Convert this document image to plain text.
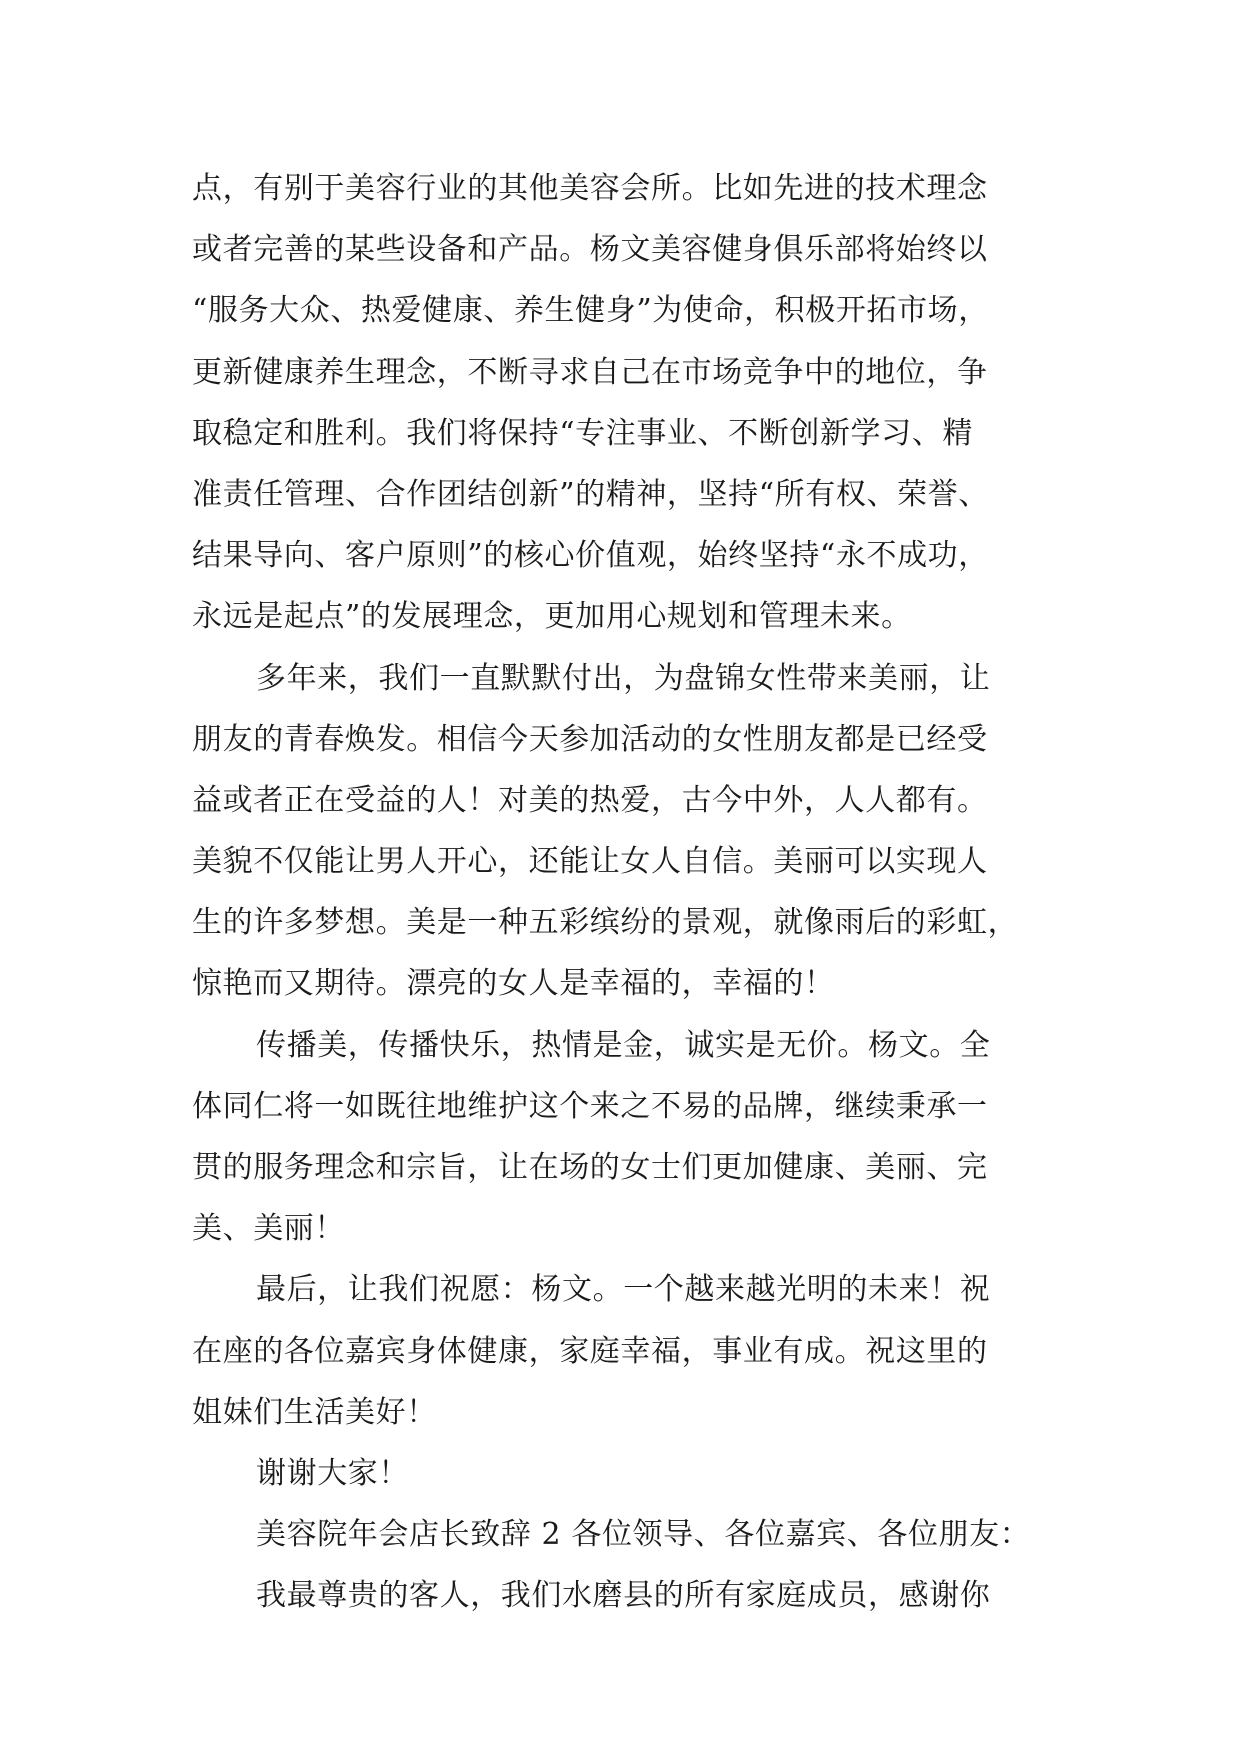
点，有别于美容行业的其他美容会所。比如先进的技术理念
或者完善的某些设备和产品。杨文美容健身俱乐部将始终以
“服务大众、热爱健康、养生健身”为使命，积极开拓市场，
更新健康养生理念，不断寻求自己在市场竞争中的地位，争
取稳定和胜利。我们将保持“专注事业、不断创新学习、精
准责任管理、合作团结创新”的精神，坚持“所有权、荣誉、
结果导向、客户原则”的核心价值观，始终坚持“永不成功，
永远是起点”的发展理念，更加用心规划和管理未来。
多年来，我们一直默默付出，为盘锦女性带来美丽，让
朋友的青春焕发。相信今天参加活动的女性朋友都是已经受
益或者正在受益的人！对美的热爱，古今中外，人人都有。
美貌不仅能让男人开心，还能让女人自信。美丽可以实现人
生的许多梦想。美是一种五彩缤纷的景观，就像雨后的彩虹，
惊艳而又期待。漂亮的女人是幸福的，幸福的！
传播美，传播快乐，热情是金，诚实是无价。杨文。全
体同仁将一如既往地维护这个来之不易的品牌，继续秉承一
贯的服务理念和宗旨，让在场的女士们更加健康、美丽、完
美、美丽！
最后，让我们祝愿：杨文。一个越来越光明的未来！祝
在座的各位嘉宾身体健康，家庭幸福，事业有成。祝这里的
姐妹们生活美好！
谢谢大家！
美容院年会店长致辞 2 各位领导、各位嘉宾、各位朋友：
我最尊贵的客人，我们水磨县的所有家庭成员，感谢你
